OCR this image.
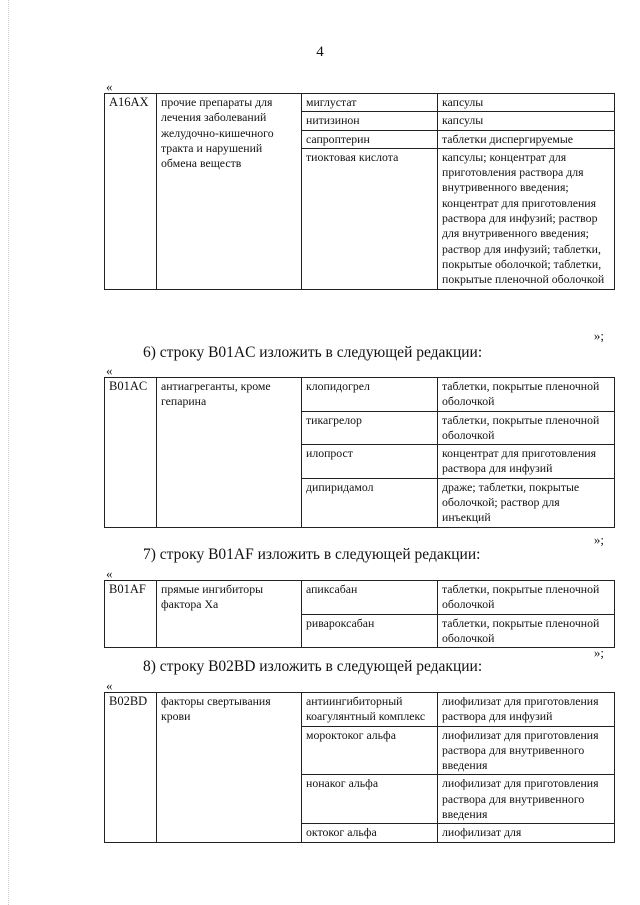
4
«
A16AX	прочие препараты для лечения заболеваний желудочно-кишечного тракта и нарушений обмена веществ	миглустат	капсулы
		нитизинон	капсулы
		сапроптерин	таблетки диспергируемые
		тиоктовая кислота	капсулы; концентрат для приготовления раствора для внутривенного введения; концентрат для приготовления раствора для инфузий; раствор для внутривенного введения; раствор для инфузий; таблетки, покрытые оболочкой; таблетки, покрытые пленочной оболочкой
»;
6) строку B01AC изложить в следующей редакции:
«
B01AC	антиагреганты, кроме гепарина	клопидогрел	таблетки, покрытые пленочной оболочкой
		тикагрелор	таблетки, покрытые пленочной оболочкой
		илопрост	концентрат для приготовления раствора для инфузий
		дипиридамол	драже; таблетки, покрытые оболочкой; раствор для инъекций
»;
7) строку B01AF изложить в следующей редакции:
«
B01AF	прямые ингибиторы фактора Xa	апиксабан	таблетки, покрытые пленочной оболочкой
		ривароксабан	таблетки, покрытые пленочной оболочкой
»;
8) строку B02BD изложить в следующей редакции:
«
B02BD	факторы свертывания крови	антиингибиторный коагулянтный комплекс	лиофилизат для приготовления раствора для инфузий
		мороктоког альфа	лиофилизат для приготовления раствора для внутривенного введения
		нонаког альфа	лиофилизат для приготовления раствора для внутривенного введения
		октоког альфа	лиофилизат для
